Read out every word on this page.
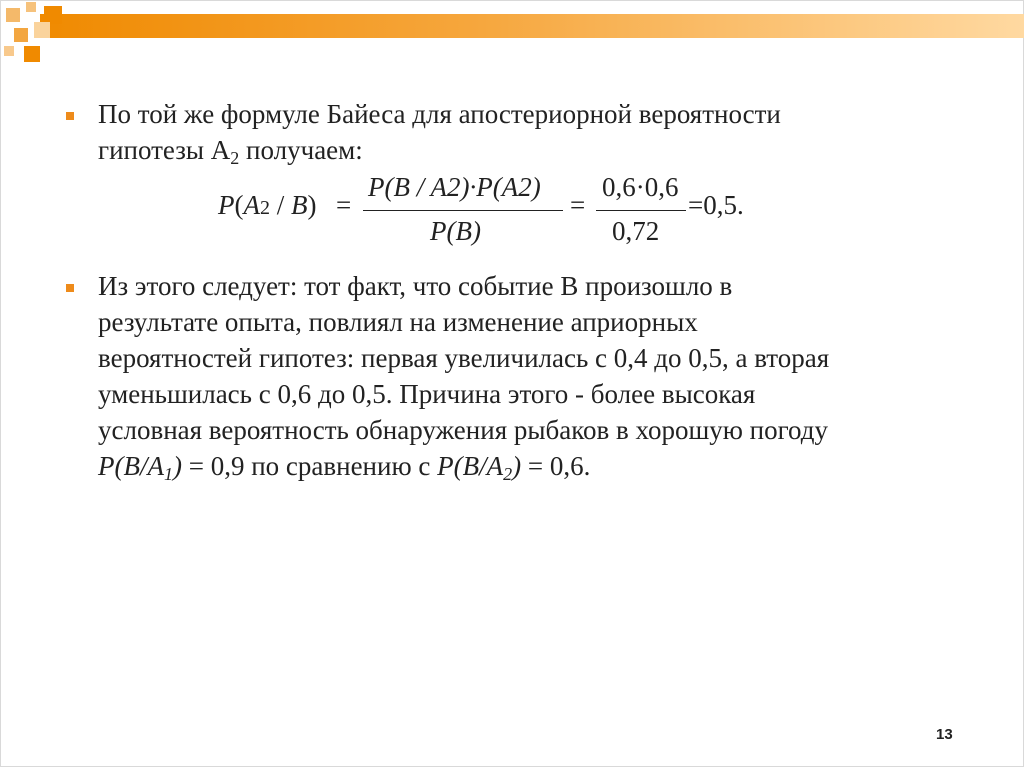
По той же формуле Байеса для апостериорной вероятности
гипотезы $А_2$ получаем:
P(A2 / B) =
P(B / A2)·P(A2)
P(B)
=
0,6·0,6
0,72
=0,5.
Из этого следует: тот факт, что событие В произошло в
результате опыта, повлиял на изменение априорных
вероятностей гипотез: первая увеличилась с 0,4 до 0,5, а вторая
уменьшилась с 0,6 до 0,5. Причина этого - более высокая
условная вероятность обнаружения рыбаков в хорошую погоду
$P(B/A_1) = 0,9$ по сравнению с $P(B/A_2) = 0,6$.
13
